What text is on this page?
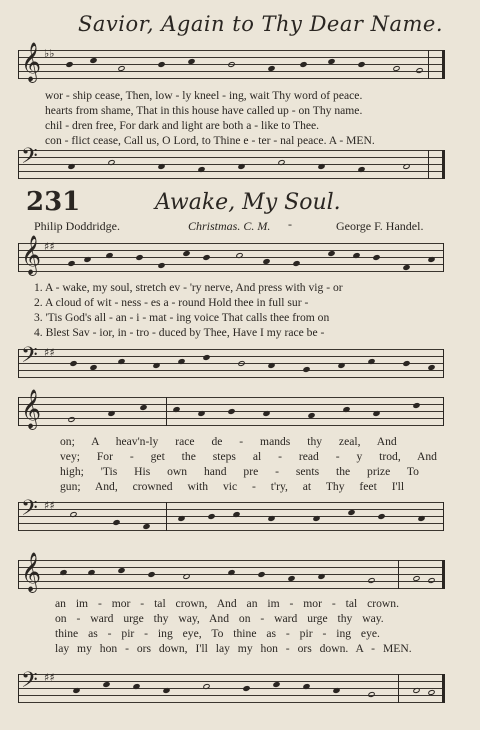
Savior, Again to Thy Dear Name.
𝄞 ♭♭
wor - ship cease, Then, low - ly kneel - ing, wait Thy word of peace.
hearts from shame, That in this house have called up - on Thy name.
chil - dren free, For dark and light are both a - like to Thee.
con - flict cease, Call us, O Lord, to Thine e - ter - nal peace. A - MEN.
𝄢
231	Awake, My Soul.
Philip Doddridge.	Christmas. C. M. -	George F. Handel.
𝄞 ♯♯
1. A - wake, my soul, stretch ev - 'ry nerve, And press with vig - or
2. A cloud of wit - ness - es a - round Hold thee in full sur -
3. 'Tis God's all - an - i - mat - ing voice That calls thee from on
4. Blest Sav - ior, in - tro - duced by Thee, Have I my race be -
𝄢 ♯♯
𝄞
on; A heav'n-ly race de - mands thy zeal, And
vey; For - get the steps al - read - y trod, And
high; 'Tis His own hand pre - sents the prize To
gun; And, crowned with vic - t'ry, at Thy feet I'll
𝄢 ♯♯
𝄞
an im - mor - tal crown, And an im - mor - tal crown.
on - ward urge thy way, And on - ward urge thy way.
thine as - pir - ing eye, To thine as - pir - ing eye.
lay my hon - ors down, I'll lay my hon - ors down. A - MEN.
𝄢 ♯♯
